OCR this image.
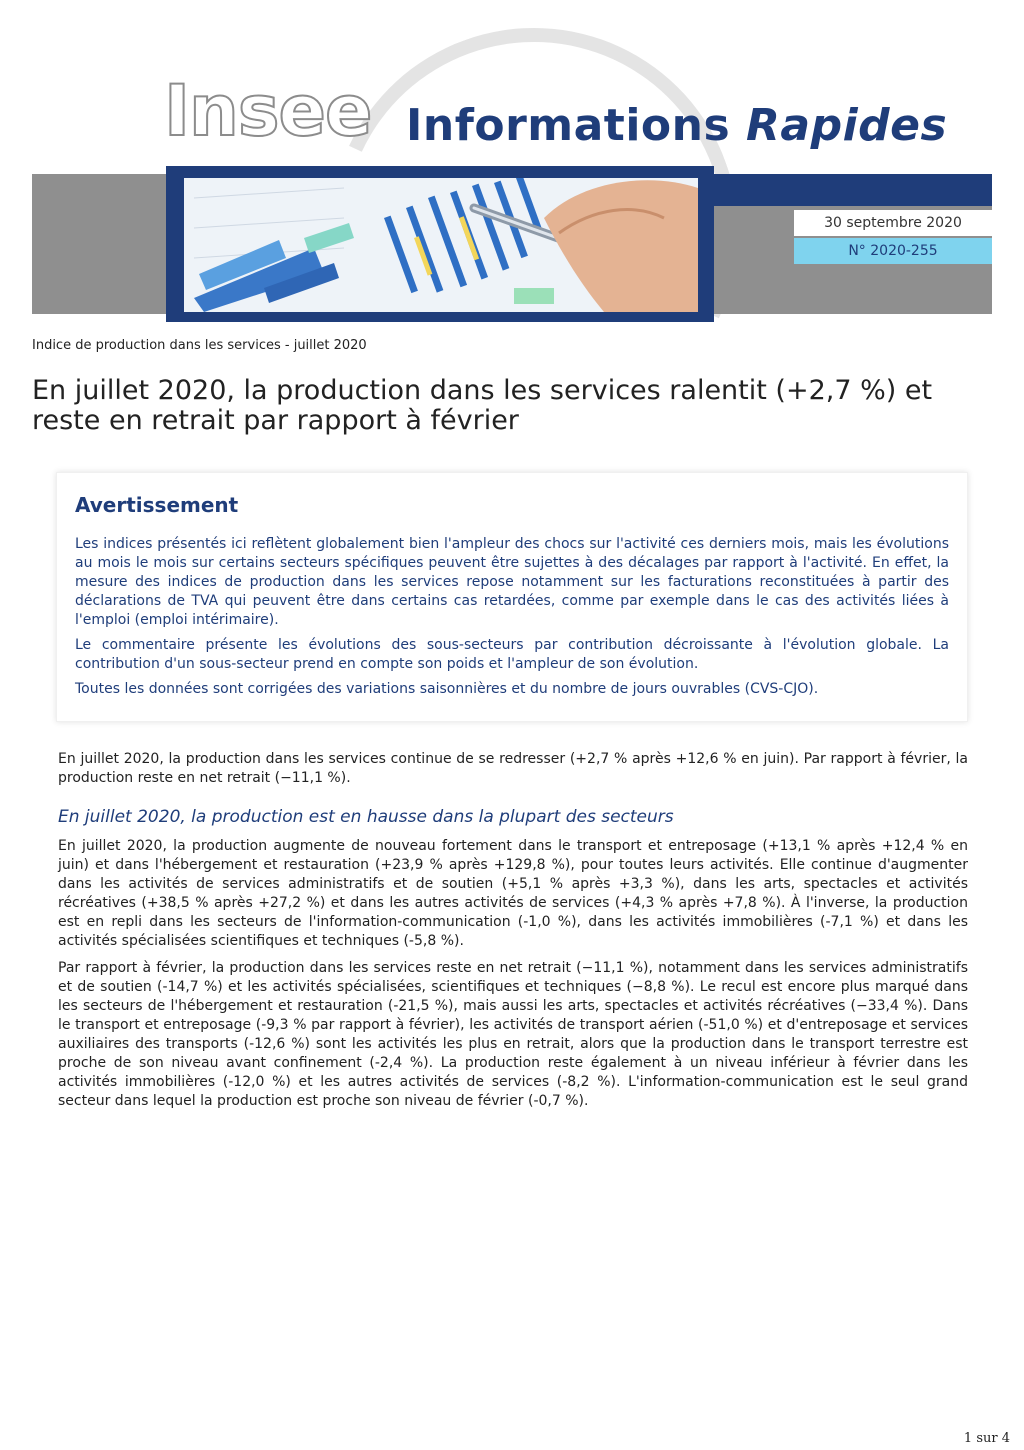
Insee Informations Rapides
30 septembre 2020
N° 2020-255
Indice de production dans les services - juillet 2020
En juillet 2020, la production dans les services ralentit (+2,7 %) et reste en retrait par rapport à février
Avertissement

Les indices présentés ici reflètent globalement bien l'ampleur des chocs sur l'activité ces derniers mois, mais les évolutions au mois le mois sur certains secteurs spécifiques peuvent être sujettes à des décalages par rapport à l'activité. En effet, la mesure des indices de production dans les services repose notamment sur les facturations reconstituées à partir des déclarations de TVA qui peuvent être dans certains cas retardées, comme par exemple dans le cas des activités liées à l'emploi (emploi intérimaire).

Le commentaire présente les évolutions des sous-secteurs par contribution décroissante à l'évolution globale. La contribution d'un sous-secteur prend en compte son poids et l'ampleur de son évolution.

Toutes les données sont corrigées des variations saisonnières et du nombre de jours ouvrables (CVS-CJO).

En juillet 2020, la production dans les services continue de se redresser (+2,7 % après +12,6 % en juin). Par rapport à février, la production reste en net retrait (−11,1 %).

En juillet 2020, la production est en hausse dans la plupart des secteurs

En juillet 2020, la production augmente de nouveau fortement dans le transport et entreposage (+13,1 % après +12,4 % en juin) et dans l'hébergement et restauration (+23,9 % après +129,8 %), pour toutes leurs activités. Elle continue d'augmenter dans les activités de services administratifs et de soutien (+5,1 % après +3,3 %), dans les arts, spectacles et activités récréatives (+38,5 % après +27,2 %) et dans les autres activités de services (+4,3 % après +7,8 %). À l'inverse, la production est en repli dans les secteurs de l'information-communication (-1,0 %), dans les activités immobilières (-7,1 %) et dans les activités spécialisées scientifiques et techniques (-5,8 %).

Par rapport à février, la production dans les services reste en net retrait (−11,1 %), notamment dans les services administratifs et de soutien (-14,7 %) et les activités spécialisées, scientifiques et techniques (−8,8 %). Le recul est encore plus marqué dans les secteurs de l'hébergement et restauration (-21,5 %), mais aussi les arts, spectacles et activités récréatives (−33,4 %). Dans le transport et entreposage (-9,3 % par rapport à février), les activités de transport aérien (-51,0 %) et d'entreposage et services auxiliaires des transports (-12,6 %) sont les activités les plus en retrait, alors que la production dans le transport terrestre est proche de son niveau avant confinement (-2,4 %). La production reste également à un niveau inférieur à février dans les activités immobilières (-12,0 %) et les autres activités de services (-8,2 %). L'information-communication est le seul grand secteur dans lequel la production est proche son niveau de février (-0,7 %).

1 sur 4
